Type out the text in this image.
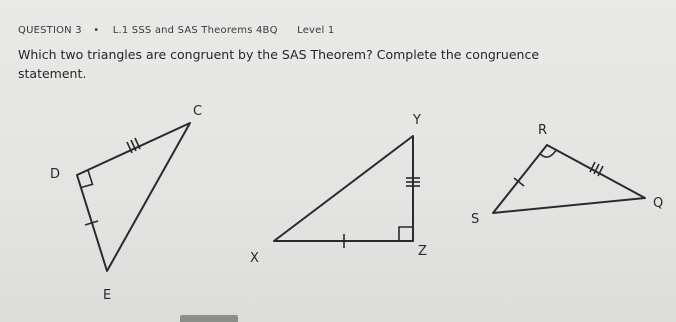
QUESTION 3 • L.1 SSS and SAS Theorems 4BQ Level 1
Which two triangles are congruent by the SAS Theorem? Complete the congruence
statement.
C
D
E
Y
X	Z
R
S
Q
